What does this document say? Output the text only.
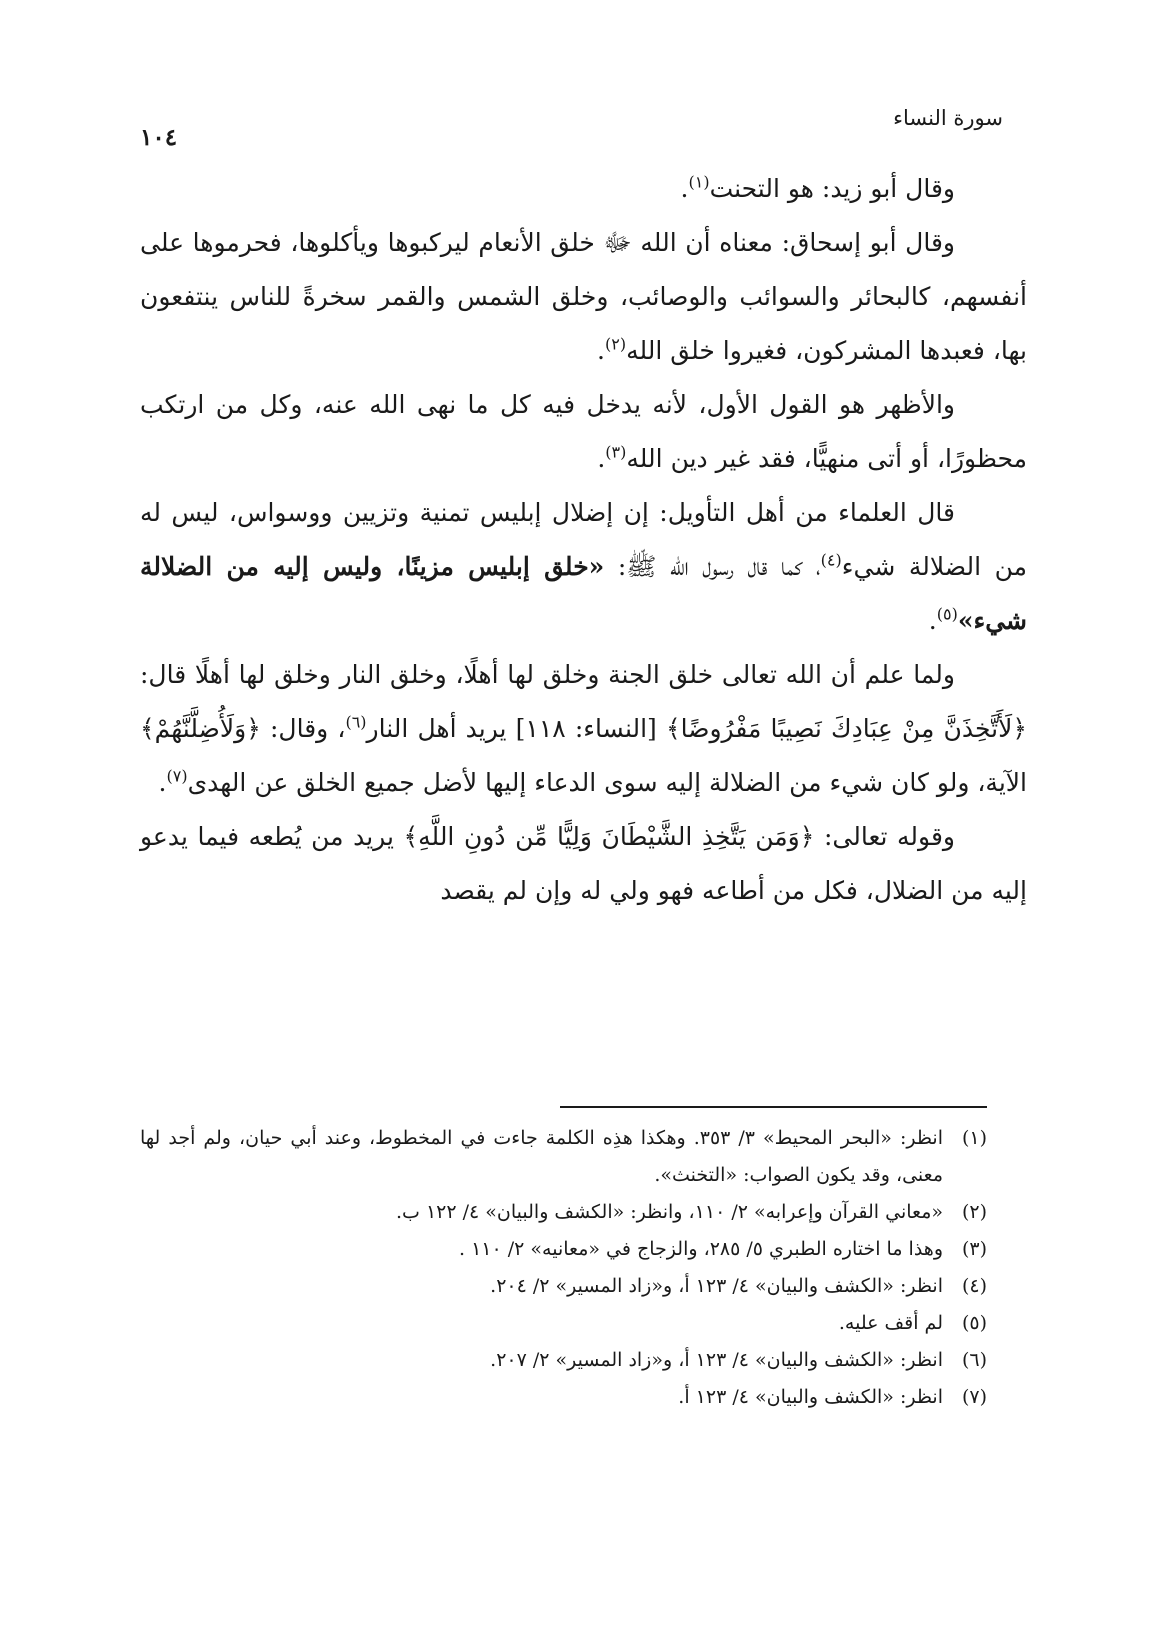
سورة النساء
١٠٤

وقال أبو زيد: هو التحنت$^{(١)}$.

وقال أبو إسحاق: معناه أن الله ﷻ خلق الأنعام ليركبوها ويأكلوها، فحرموها على أنفسهم، كالبحائر والسوائب والوصائب، وخلق الشمس والقمر سخرةً للناس ينتفعون بها، فعبدها المشركون، فغيروا خلق الله$^{(٢)}$.

والأظهر هو القول الأول، لأنه يدخل فيه كل ما نهى الله عنه، وكل من ارتكب محظورًا، أو أتى منهيًّا، فقد غير دين الله$^{(٣)}$.

قال العلماء من أهل التأويل: إن إضلال إبليس تمنية وتزيين ووسواس، ليس له من الضلالة شيء$^{(٤)}$، كما قال رسول الله ﷺ: «خلق إبليس مزينًا، وليس إليه من الضلالة شيء»$^{(٥)}$.

ولما علم أن الله تعالى خلق الجنة وخلق لها أهلًا، وخلق النار وخلق لها أهلًا قال: ﴿لَأَتَّخِذَنَّ مِنْ عِبَادِكَ نَصِيبًا مَفْرُوضًا﴾ [النساء: ١١٨] يريد أهل النار$^{(٦)}$، وقال: ﴿وَلَأُضِلَّنَّهُمْ﴾ الآية، ولو كان شيء من الضلالة إليه سوى الدعاء إليها لأضل جميع الخلق عن الهدى$^{(٧)}$.

وقوله تعالى: ﴿وَمَن يَتَّخِذِ الشَّيْطَانَ وَلِيًّا مِّن دُونِ اللَّهِ﴾ يريد من يُطعه فيما يدعو إليه من الضلال، فكل من أطاعه فهو ولي له وإن لم يقصد

(١)
انظر: «البحر المحيط» ٣/ ٣٥٣. وهكذا هذِه الكلمة جاءت في المخطوط، وعند أبي حيان، ولم أجد لها معنى، وقد يكون الصواب: «التخنث».
(٢)
«معاني القرآن وإعرابه» ٢/ ١١٠، وانظر: «الكشف والبيان» ٤/ ١٢٢ ب.
(٣)
وهذا ما اختاره الطبري ٥/ ٢٨٥، والزجاج في «معانيه» ٢/ ١١٠ .
(٤)
انظر: «الكشف والبيان» ٤/ ١٢٣ أ، و«زاد المسير» ٢/ ٢٠٤.
(٥)
لم أقف عليه.
(٦)
انظر: «الكشف والبيان» ٤/ ١٢٣ أ، و«زاد المسير» ٢/ ٢٠٧.
(٧)
انظر: «الكشف والبيان» ٤/ ١٢٣ أ.
